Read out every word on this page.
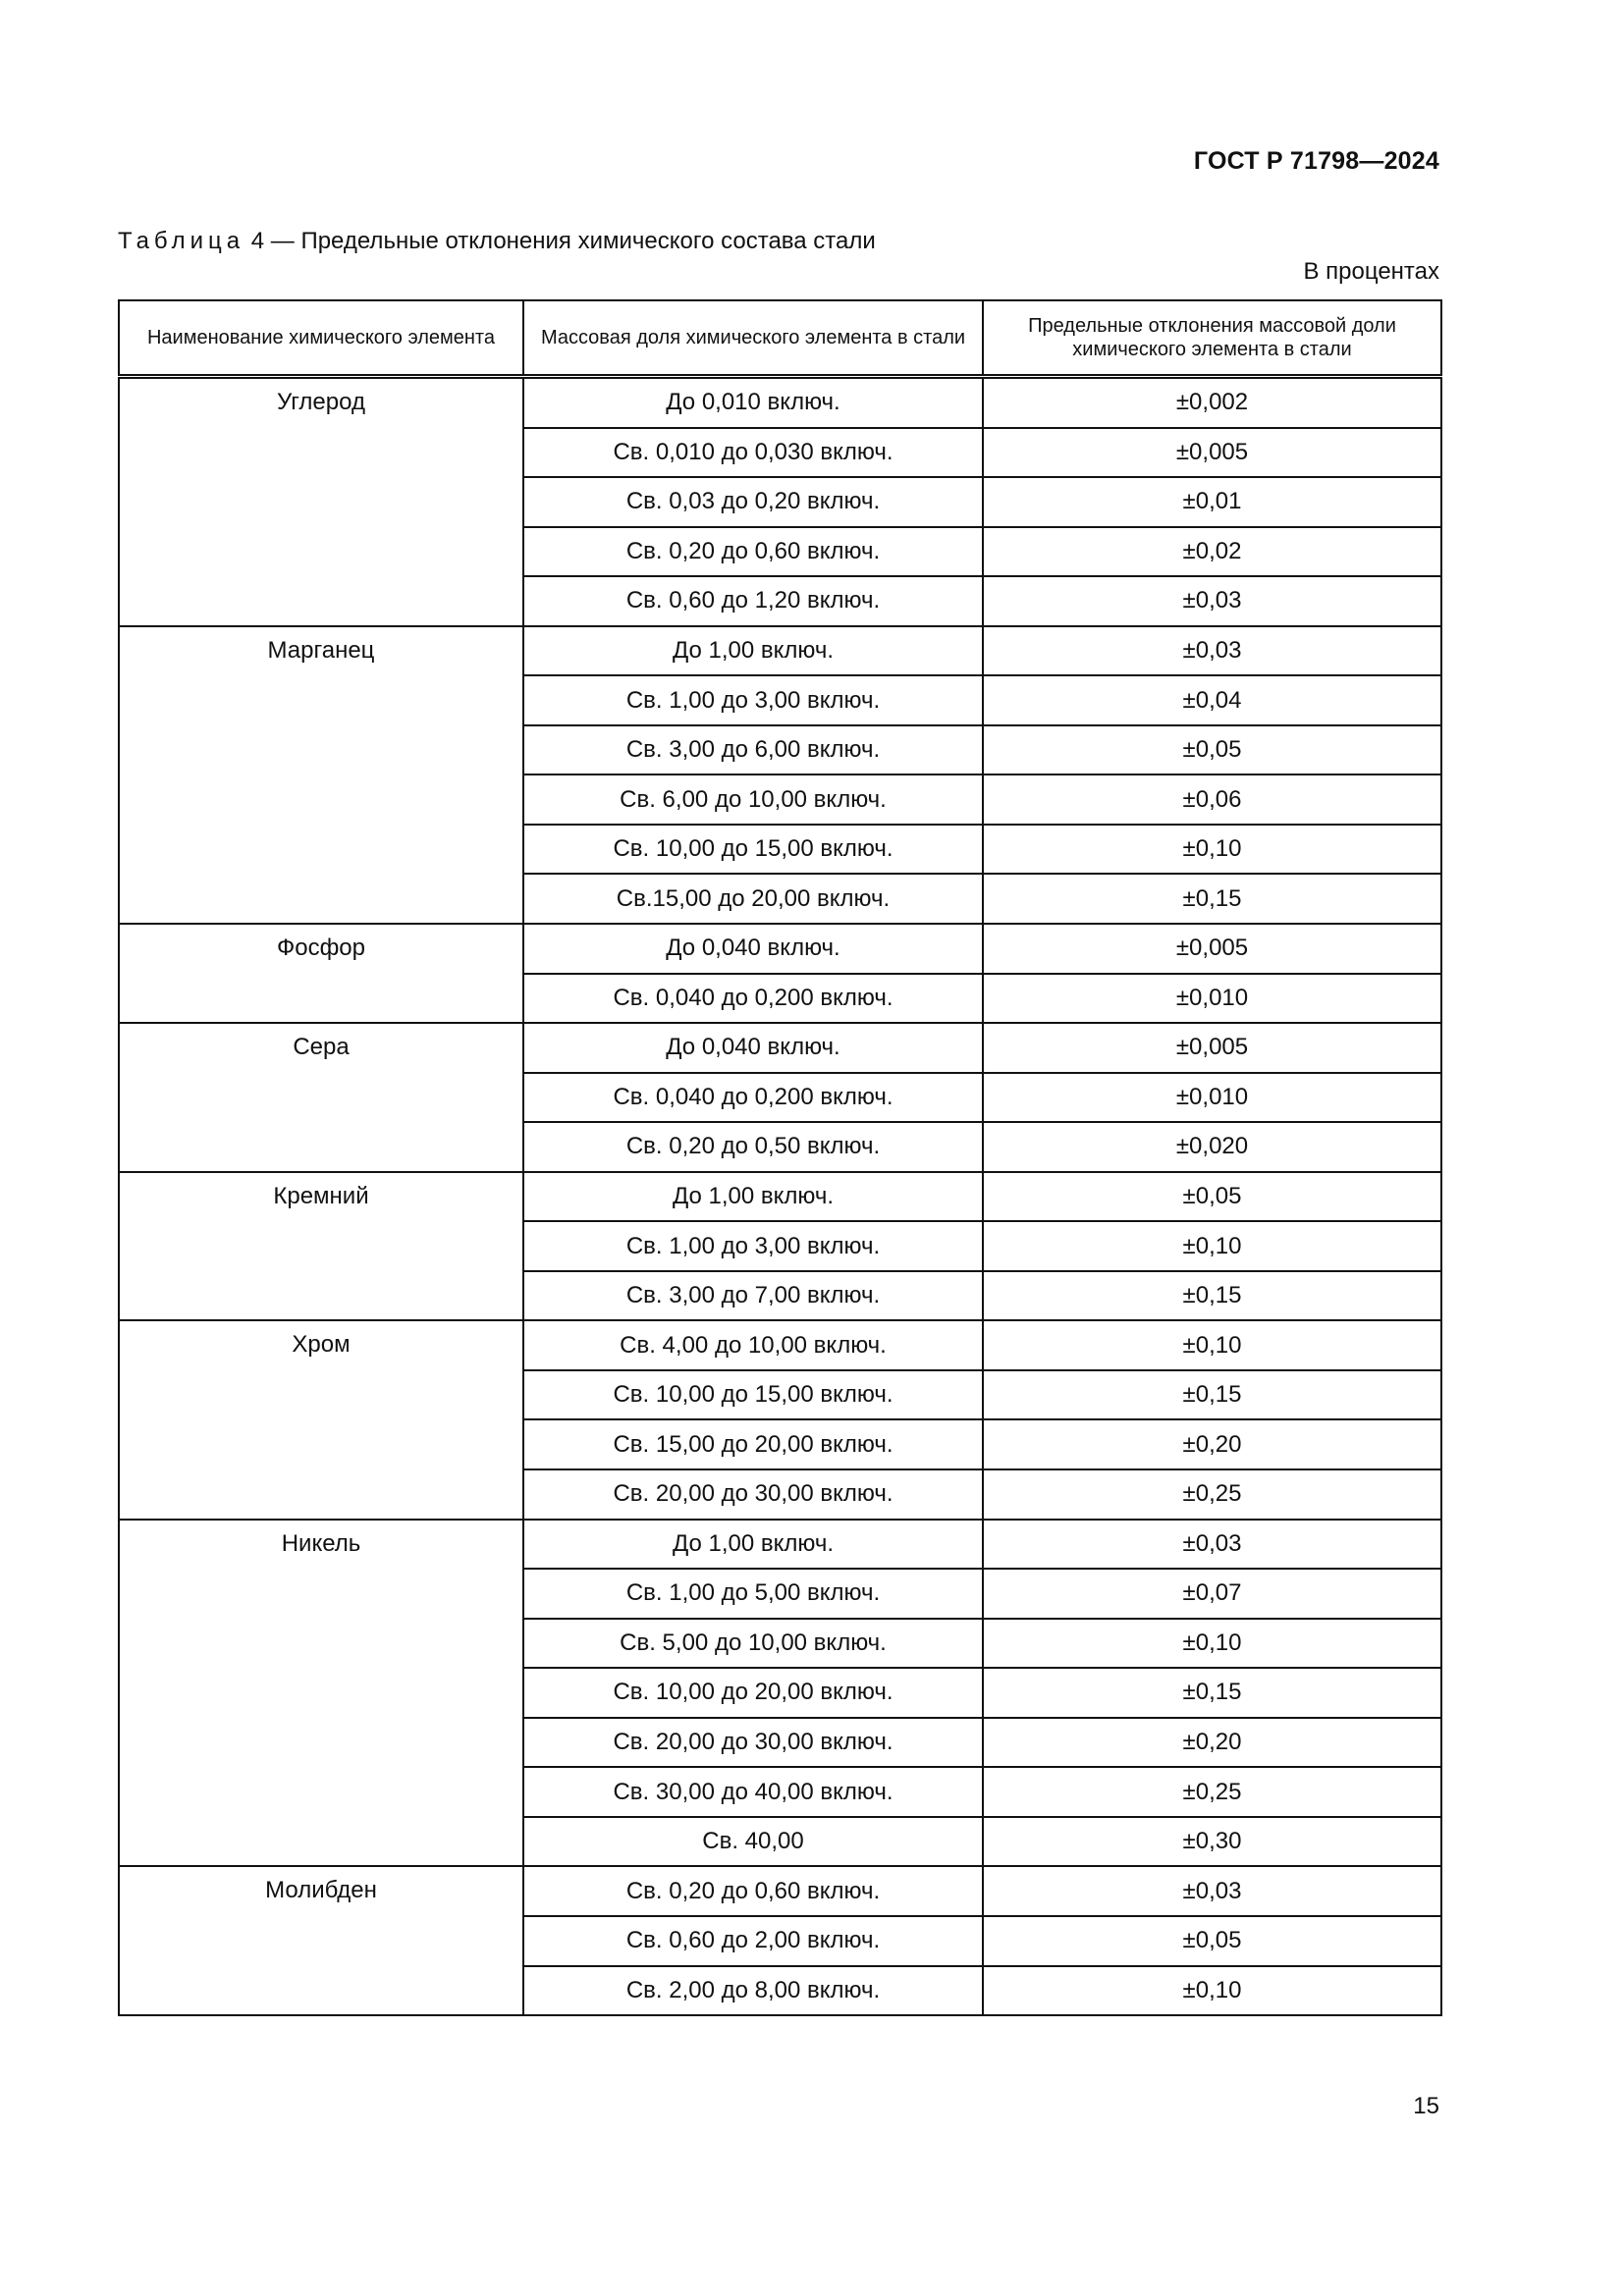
ГОСТ Р 71798—2024
Таблица 4 — Предельные отклонения химического состава стали
В процентах
Наименование химического элемента	Массовая доля химического элемента в стали	Предельные отклонения массовой доли химического элемента в стали
Углерод	До 0,010 включ.	±0,002
	Св. 0,010 до 0,030 включ.	±0,005
	Св. 0,03 до 0,20 включ.	±0,01
	Св. 0,20 до 0,60 включ.	±0,02
	Св. 0,60 до 1,20 включ.	±0,03
Марганец	До 1,00 включ.	±0,03
	Св. 1,00 до 3,00 включ.	±0,04
	Св. 3,00 до 6,00 включ.	±0,05
	Св. 6,00 до 10,00 включ.	±0,06
	Св. 10,00 до 15,00 включ.	±0,10
	Св.15,00 до 20,00 включ.	±0,15
Фосфор	До 0,040 включ.	±0,005
	Св. 0,040 до 0,200 включ.	±0,010
Сера	До 0,040 включ.	±0,005
	Св. 0,040 до 0,200 включ.	±0,010
	Св. 0,20 до 0,50 включ.	±0,020
Кремний	До 1,00 включ.	±0,05
	Св. 1,00 до 3,00 включ.	±0,10
	Св. 3,00 до 7,00 включ.	±0,15
Хром	Св. 4,00 до 10,00 включ.	±0,10
	Св. 10,00 до 15,00 включ.	±0,15
	Св. 15,00 до 20,00 включ.	±0,20
	Св. 20,00 до 30,00 включ.	±0,25
Никель	До 1,00 включ.	±0,03
	Св. 1,00 до 5,00 включ.	±0,07
	Св. 5,00 до 10,00 включ.	±0,10
	Св. 10,00 до 20,00 включ.	±0,15
	Св. 20,00 до 30,00 включ.	±0,20
	Св. 30,00 до 40,00 включ.	±0,25
	Св. 40,00	±0,30
Молибден	Св. 0,20 до 0,60 включ.	±0,03
	Св. 0,60 до 2,00 включ.	±0,05
	Св. 2,00 до 8,00 включ.	±0,10
15
